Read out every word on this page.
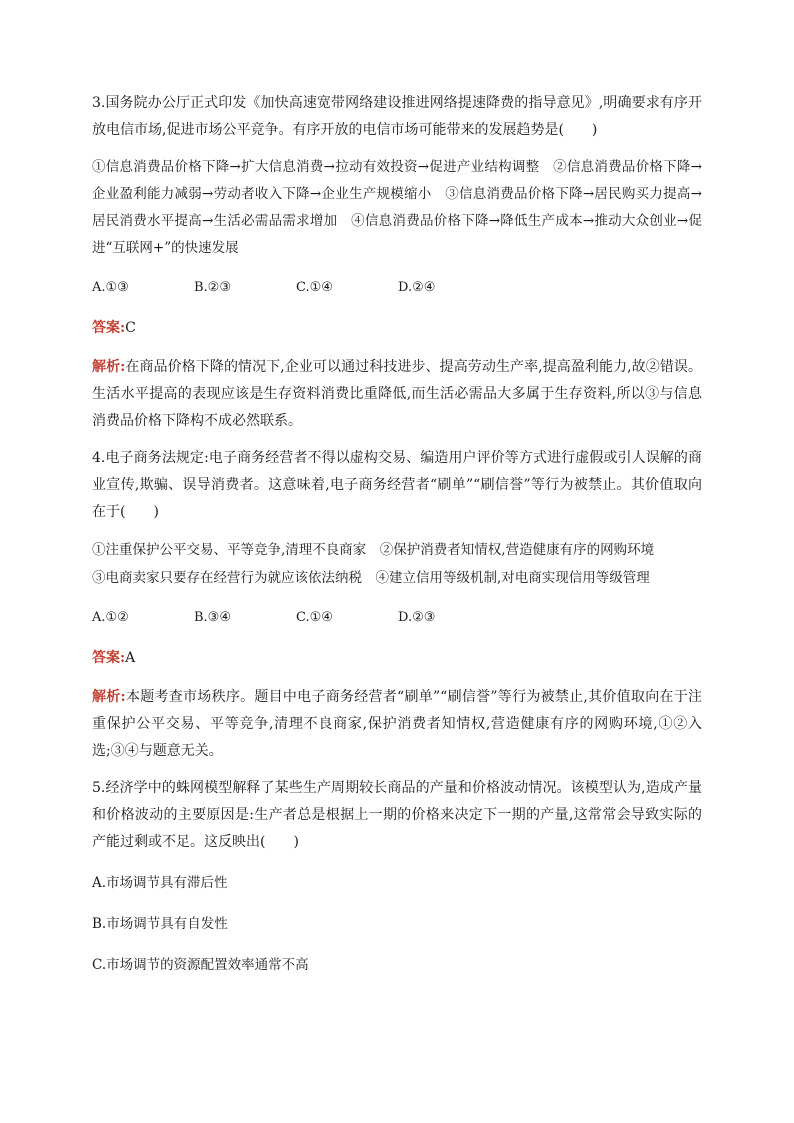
3.国务院办公厅正式印发《加快高速宽带网络建设推进网络提速降费的指导意见》,明确要求有序开放电信市场,促进市场公平竞争。有序开放的电信市场可能带来的发展趋势是(　　)

①信息消费品价格下降→扩大信息消费→拉动有效投资→促进产业结构调整　②信息消费品价格下降→企业盈利能力减弱→劳动者收入下降→企业生产规模缩小　③信息消费品价格下降→居民购买力提高→居民消费水平提高→生活必需品需求增加　④信息消费品价格下降→降低生产成本→推动大众创业→促进“互联网+”的快速发展

A.①③	B.②③	C.①④	D.②④

答案:C

解析:在商品价格下降的情况下,企业可以通过科技进步、提高劳动生产率,提高盈利能力,故②错误。生活水平提高的表现应该是生存资料消费比重降低,而生活必需品大多属于生存资料,所以③与信息消费品价格下降构不成必然联系。

4.电子商务法规定:电子商务经营者不得以虚构交易、编造用户评价等方式进行虚假或引人误解的商业宣传,欺骗、误导消费者。这意味着,电子商务经营者“刷单”“刷信誉”等行为被禁止。其价值取向在于(　　)

①注重保护公平交易、平等竞争,清理不良商家　②保护消费者知情权,营造健康有序的网购环境
③电商卖家只要存在经营行为就应该依法纳税　④建立信用等级机制,对电商实现信用等级管理
A.①②	B.③④	C.①④	D.②③

答案:A

解析:本题考查市场秩序。题目中电子商务经营者“刷单”“刷信誉”等行为被禁止,其价值取向在于注重保护公平交易、平等竞争,清理不良商家,保护消费者知情权,营造健康有序的网购环境,①②入选;③④与题意无关。

5.经济学中的蛛网模型解释了某些生产周期较长商品的产量和价格波动情况。该模型认为,造成产量和价格波动的主要原因是:生产者总是根据上一期的价格来决定下一期的产量,这常常会导致实际的产能过剩或不足。这反映出(　　)

A.市场调节具有滞后性

B.市场调节具有自发性

C.市场调节的资源配置效率通常不高
